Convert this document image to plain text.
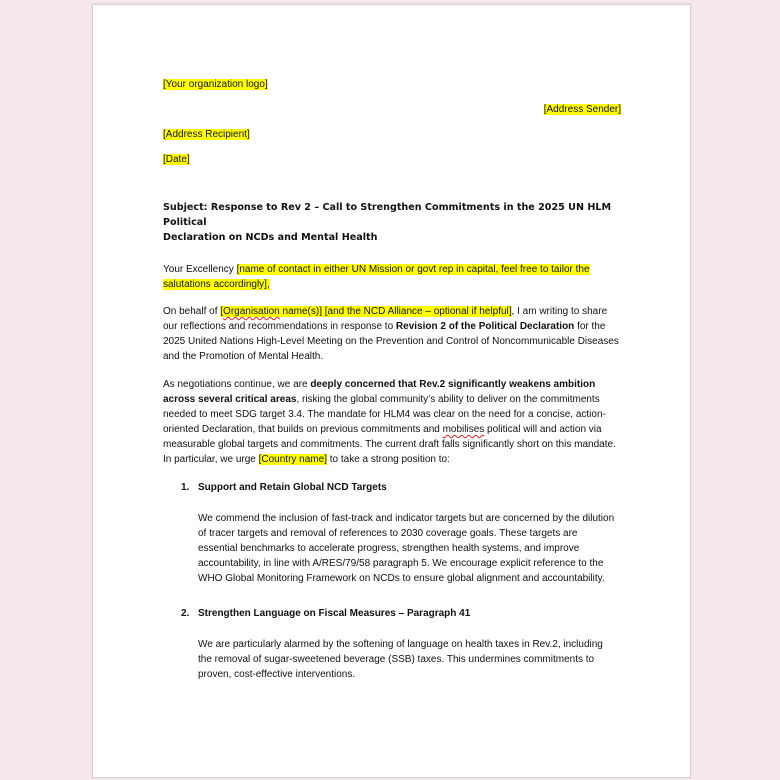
[Your organization logo]
[Address Sender]
[Address Recipient]
[Date]
Subject: Response to Rev 2 – Call to Strengthen Commitments in the 2025 UN HLM Political
Declaration on NCDs and Mental Health
Your Excellency [name of contact in either UN Mission or govt rep in capital, feel free to tailor the
salutations accordingly],

On behalf of [Organisation name(s)] [and the NCD Alliance – optional if helpful], I am writing to share our reflections and recommendations in response to Revision 2 of the Political Declaration for the 2025 United Nations High-Level Meeting on the Prevention and Control of Noncommunicable Diseases and the Promotion of Mental Health.

As negotiations continue, we are deeply concerned that Rev.2 significantly weakens ambition across several critical areas, risking the global community’s ability to deliver on the commitments needed to meet SDG target 3.4. The mandate for HLM4 was clear on the need for a concise, action-oriented Declaration, that builds on previous commitments and mobilises political will and action via measurable global targets and commitments. The current draft falls significantly short on this mandate. In particular, we urge [Country name] to take a strong position to:

1. Support and Retain Global NCD Targets

We commend the inclusion of fast-track and indicator targets but are concerned by the dilution of tracer targets and removal of references to 2030 coverage goals. These targets are essential benchmarks to accelerate progress, strengthen health systems, and improve accountability, in line with A/RES/79/58 paragraph 5. We encourage explicit reference to the WHO Global Monitoring Framework on NCDs to ensure global alignment and accountability.

2. Strengthen Language on Fiscal Measures – Paragraph 41

We are particularly alarmed by the softening of language on health taxes in Rev.2, including the removal of sugar-sweetened beverage (SSB) taxes. This undermines commitments to proven, cost-effective interventions.
